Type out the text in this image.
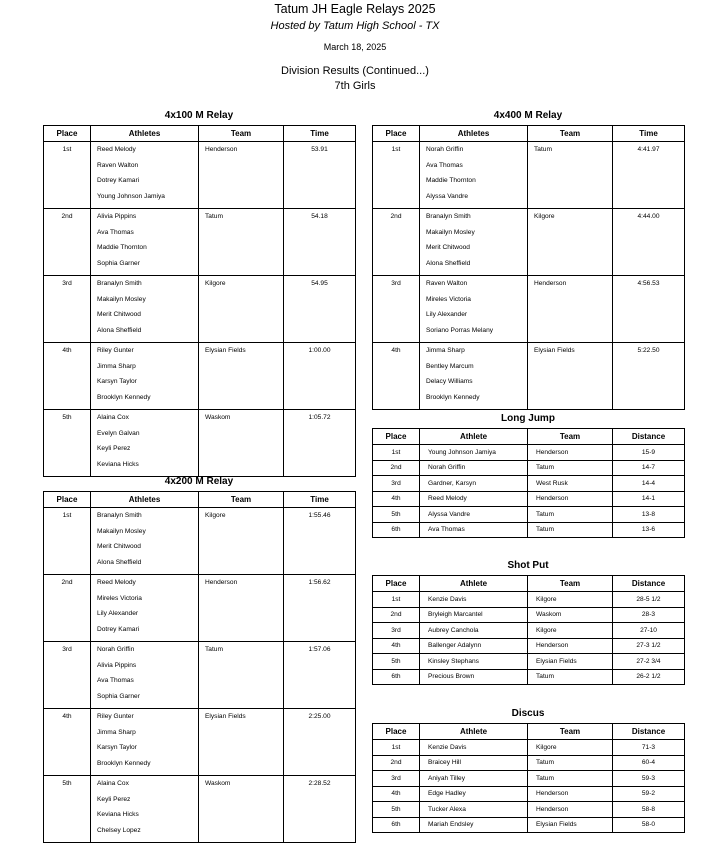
Tatum JH Eagle Relays 2025
Hosted by Tatum High School - TX
March 18, 2025
Division Results (Continued...)
7th Girls
4x100 M Relay
Place	Athletes	Team	Time
1st	Reed Melody
Raven Walton
Dotrey Kamari
Young Johnson Jamiya	Henderson	53.91
2nd	Alivia Pippins
Ava Thomas
Maddie Thornton
Sophia Garner	Tatum	54.18
3rd	Branalyn Smith
Makailyn Mosley
Merit Chitwood
Alona Sheffield	Kilgore	54.95
4th	Riley Gunter
Jimma Sharp
Karsyn Taylor
Brooklyn Kennedy	Elysian Fields	1:00.00
5th	Alaina Cox
Evelyn Galvan
Keyli Perez
Keviana Hicks	Waskom	1:05.72
4x200 M Relay
Place	Athletes	Team	Time
1st	Branalyn Smith
Makailyn Mosley
Merit Chitwood
Alona Sheffield	Kilgore	1:55.46
2nd	Reed Melody
Mireles Victoria
Lily Alexander
Dotrey Kamari	Henderson	1:56.62
3rd	Norah Griffin
Alivia Pippins
Ava Thomas
Sophia Garner	Tatum	1:57.06
4th	Riley Gunter
Jimma Sharp
Karsyn Taylor
Brooklyn Kennedy	Elysian Fields	2:25.00
5th	Alaina Cox
Keyli Perez
Keviana Hicks
Chelsey Lopez	Waskom	2:28.52
4x400 M Relay
Place	Athletes	Team	Time
1st	Norah Griffin
Ava Thomas
Maddie Thornton
Alyssa Vandre	Tatum	4:41.97
2nd	Branalyn Smith
Makailyn Mosley
Merit Chitwood
Alona Sheffield	Kilgore	4:44.00
3rd	Raven Walton
Mireles Victoria
Lily Alexander
Soriano Porras Melany	Henderson	4:56.53
4th	Jimma Sharp
Bentley Marcum
Delacy Williams
Brooklyn Kennedy	Elysian Fields	5:22.50
Long Jump
Place	Athlete	Team	Distance
1st	Young Johnson Jamiya	Henderson	15-9
2nd	Norah Griffin	Tatum	14-7
3rd	Gardner, Karsyn	West Rusk	14-4
4th	Reed Melody	Henderson	14-1
5th	Alyssa Vandre	Tatum	13-8
6th	Ava Thomas	Tatum	13-6
Shot Put
Place	Athlete	Team	Distance
1st	Kenzie Davis	Kilgore	28-5 1/2
2nd	Bryleigh Marcantel	Waskom	28-3
3rd	Aubrey Canchola	Kilgore	27-10
4th	Ballenger Adalynn	Henderson	27-3 1/2
5th	Kinsley Stephans	Elysian Fields	27-2 3/4
6th	Precious Brown	Tatum	26-2 1/2
Discus
Place	Athlete	Team	Distance
1st	Kenzie Davis	Kilgore	71-3
2nd	Braicey Hill	Tatum	60-4
3rd	Aniyah Tilley	Tatum	59-3
4th	Edge Hadley	Henderson	59-2
5th	Tucker Alexa	Henderson	58-8
6th	Mariah Endsley	Elysian Fields	58-0
